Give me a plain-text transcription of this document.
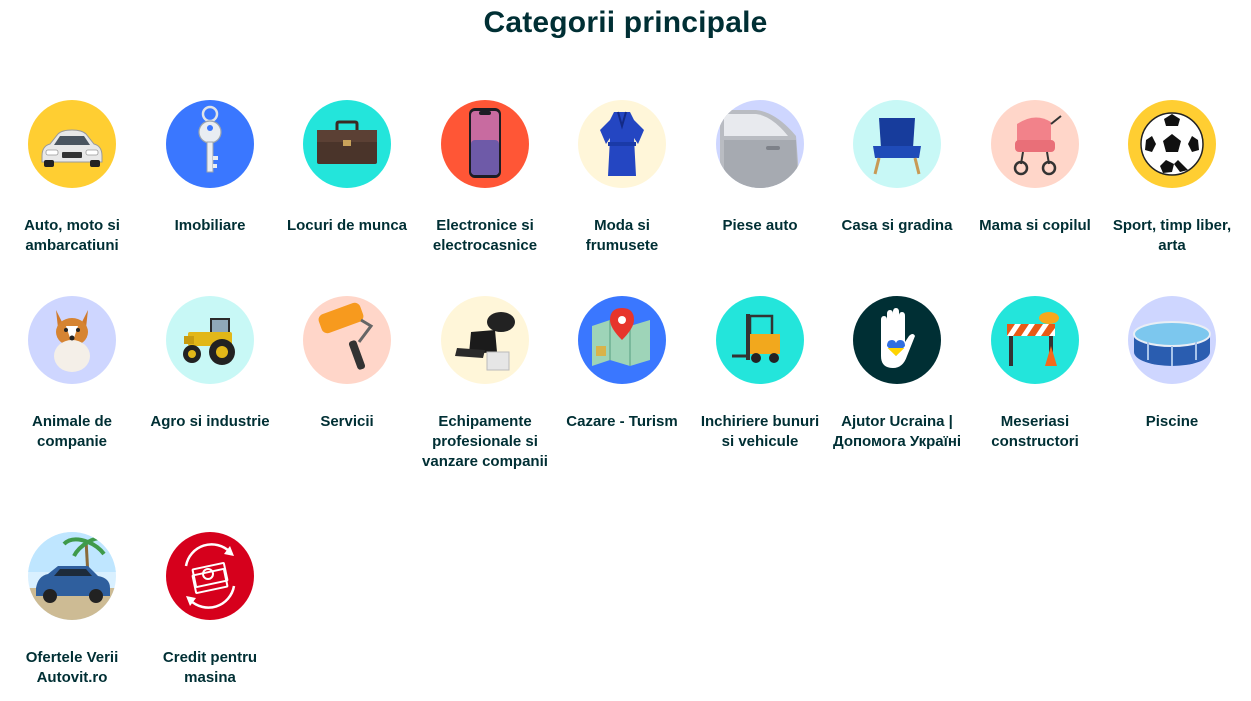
Categorii principale
Auto, moto si ambarcatiuni
Imobiliare	Locuri de munca	Electronice si electrocasnice
Moda si frumusete
Piese auto	Casa si gradina	Mama si copilul	Sport, timp liber, arta
Animale de companie
Agro si industrie	Servicii	Echipamente profesionale si vanzare companii
Cazare - Turism	Inchiriere bunuri si vehicule
Ajutor Ucraina | Допомога Україні
Meseriasi constructori
Piscine
Ofertele Verii Autovit.ro
Credit pentru masina
